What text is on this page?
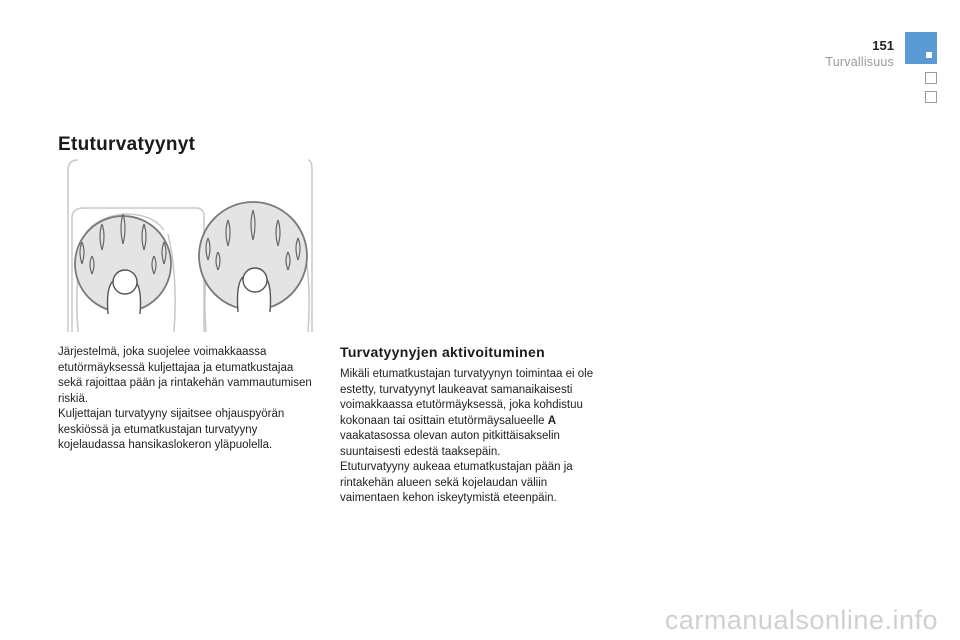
151
Turvallisuus
Etuturvatyynyt

Järjestelmä, joka suojelee voimakkaassa etutörmäyksessä kuljettajaa ja etumatkustajaa sekä rajoittaa pään ja rintakehän vammautumisen riskiä.

Kuljettajan turvatyyny sijaitsee ohjauspyörän keskiössä ja etumatkustajan turvatyyny kojelaudassa hansikaslokeron yläpuolella.

Turvatyynyjen aktivoituminen

Mikäli etumatkustajan turvatyynyn toimintaa ei ole estetty, turvatyynyt laukeavat samanaikaisesti voimakkaassa etutörmäyksessä, joka kohdistuu kokonaan tai osittain etutörmäysalueelle A vaakatasossa olevan auton pitkittäisakselin suuntaisesti edestä taaksepäin.

Etuturvatyyny aukeaa etumatkustajan pään ja rintakehän alueen sekä kojelaudan väliin vaimentaen kehon iskeytymistä eteenpäin.

carmanualsonline.info
